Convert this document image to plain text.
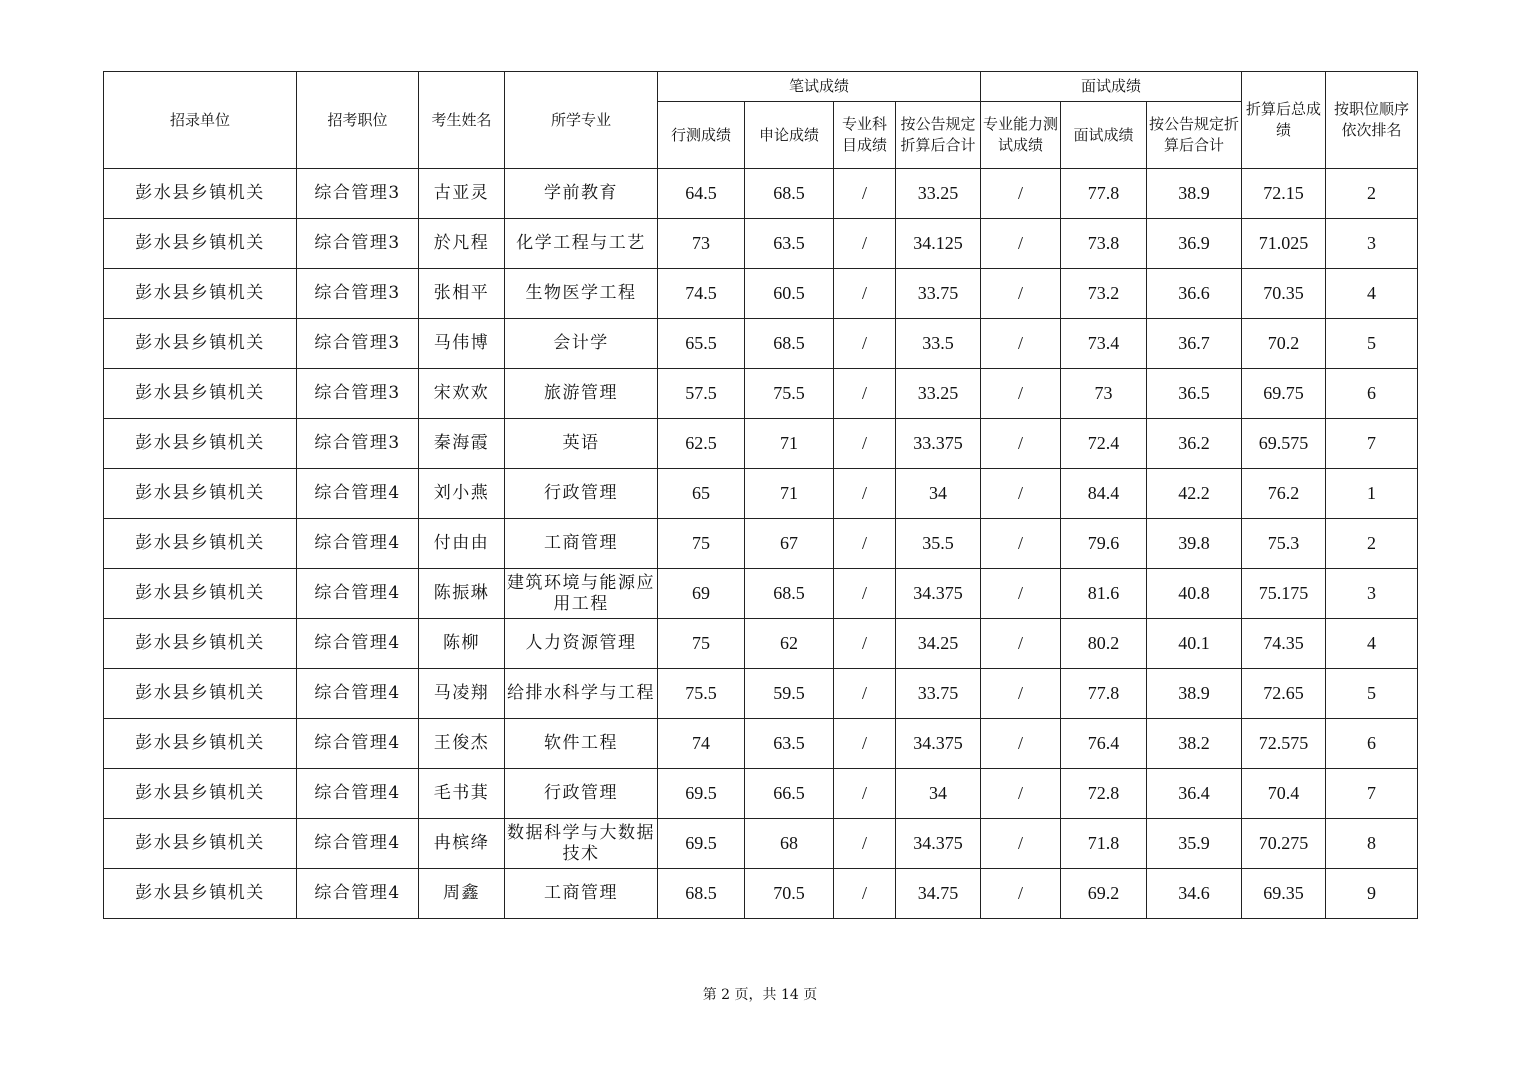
招录单位	招考职位	考生姓名	所学专业	笔试成绩				面试成绩			折算后总成绩	按职位顺序依次排名
				行测成绩	申论成绩	专业科目成绩	按公告规定折算后合计	专业能力测试成绩	面试成绩	按公告规定折算后合计		
彭水县乡镇机关	综合管理3	古亚灵	学前教育	64.5	68.5	/	33.25	/	77.8	38.9	72.15	2
彭水县乡镇机关	综合管理3	於凡程	化学工程与工艺	73	63.5	/	34.125	/	73.8	36.9	71.025	3
彭水县乡镇机关	综合管理3	张相平	生物医学工程	74.5	60.5	/	33.75	/	73.2	36.6	70.35	4
彭水县乡镇机关	综合管理3	马伟博	会计学	65.5	68.5	/	33.5	/	73.4	36.7	70.2	5
彭水县乡镇机关	综合管理3	宋欢欢	旅游管理	57.5	75.5	/	33.25	/	73	36.5	69.75	6
彭水县乡镇机关	综合管理3	秦海霞	英语	62.5	71	/	33.375	/	72.4	36.2	69.575	7
彭水县乡镇机关	综合管理4	刘小燕	行政管理	65	71	/	34	/	84.4	42.2	76.2	1
彭水县乡镇机关	综合管理4	付由由	工商管理	75	67	/	35.5	/	79.6	39.8	75.3	2
彭水县乡镇机关	综合管理4	陈振琳	建筑环境与能源应用工程	69	68.5	/	34.375	/	81.6	40.8	75.175	3
彭水县乡镇机关	综合管理4	陈柳	人力资源管理	75	62	/	34.25	/	80.2	40.1	74.35	4
彭水县乡镇机关	综合管理4	马凌翔	给排水科学与工程	75.5	59.5	/	33.75	/	77.8	38.9	72.65	5
彭水县乡镇机关	综合管理4	王俊杰	软件工程	74	63.5	/	34.375	/	76.4	38.2	72.575	6
彭水县乡镇机关	综合管理4	毛书萁	行政管理	69.5	66.5	/	34	/	72.8	36.4	70.4	7
彭水县乡镇机关	综合管理4	冉槟绛	数据科学与大数据技术	69.5	68	/	34.375	/	71.8	35.9	70.275	8
彭水县乡镇机关	综合管理4	周鑫	工商管理	68.5	70.5	/	34.75	/	69.2	34.6	69.35	9
第 2 页，共 14 页
